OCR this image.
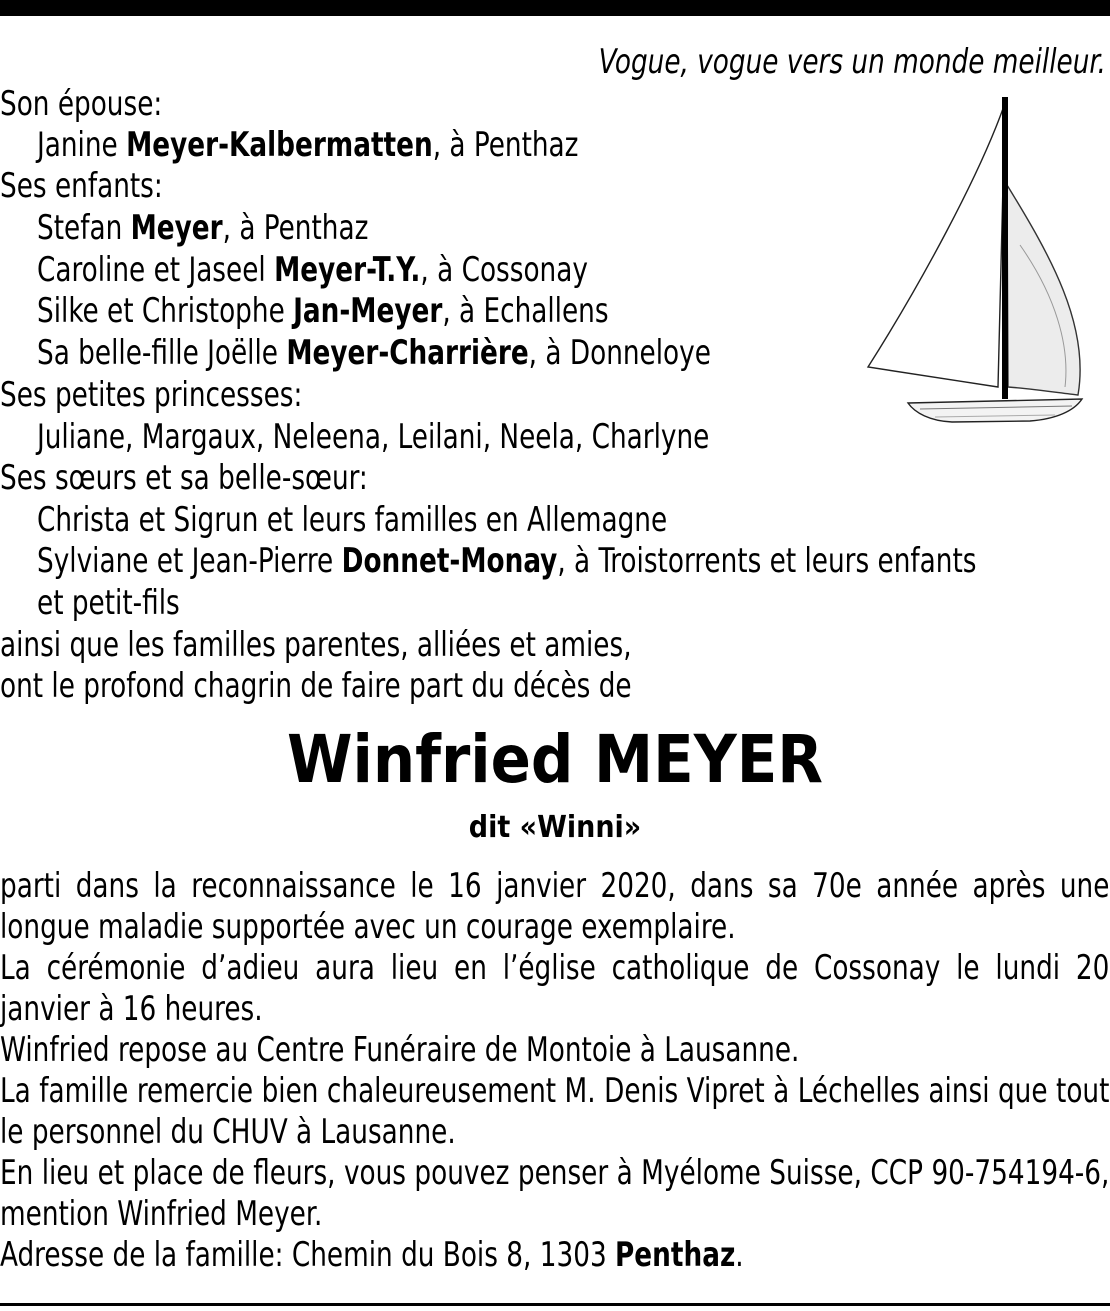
Vogue, vogue vers un monde meilleur.
Son épouse:
Janine Meyer-Kalbermatten, à Penthaz
Ses enfants:
Stefan Meyer, à Penthaz
Caroline et Jaseel Meyer-T.Y., à Cossonay
Silke et Christophe Jan-Meyer, à Echallens
Sa belle-fille Joëlle Meyer-Charrière, à Donneloye
Ses petites princesses:
Juliane, Margaux, Neleena, Leilani, Neela, Charlyne
Ses sœurs et sa belle-sœur:
Christa et Sigrun et leurs familles en Allemagne
Sylviane et Jean-Pierre Donnet-Monay, à Troistorrents et leurs enfants
et petit-fils
ainsi que les familles parentes, alliées et amies,
ont le profond chagrin de faire part du décès de
Winfried MEYER
dit «Winni»

parti dans la reconnaissance le 16 janvier 2020, dans sa 70e année après une longue maladie supportée avec un courage exemplaire.

La cérémonie d’adieu aura lieu en l’église catholique de Cossonay le lundi 20 janvier à 16 heures.

Winfried repose au Centre Funéraire de Montoie à Lausanne.

La famille remercie bien chaleureusement M. Denis Vipret à Léchelles ainsi que tout le personnel du CHUV à Lausanne.

En lieu et place de fleurs, vous pouvez penser à Myélome Suisse, CCP 90-754194-6, mention Winfried Meyer.

Adresse de la famille: Chemin du Bois 8, 1303 Penthaz.
